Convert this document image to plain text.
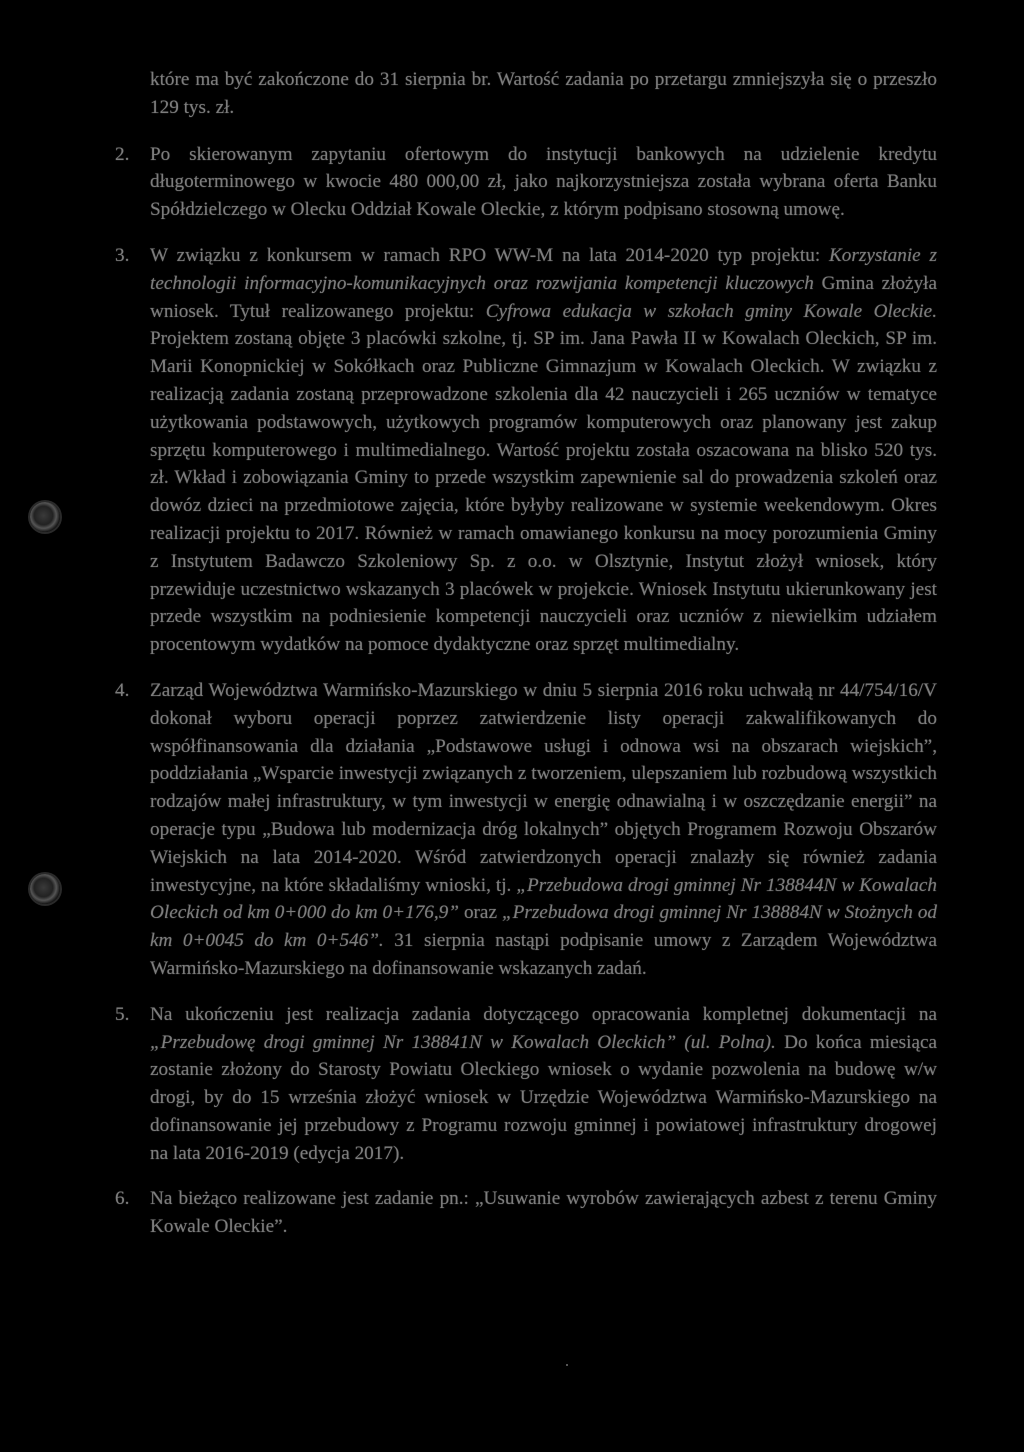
które ma być zakończone do 31 sierpnia br. Wartość zadania po przetargu zmniejszyła się o przeszło 129 tys. zł.

2.	Po skierowanym zapytaniu ofertowym do instytucji bankowych na udzielenie kredytu długoterminowego w kwocie 480 000,00 zł, jako najkorzystniejsza została wybrana oferta Banku Spółdzielczego w Olecku Oddział Kowale Oleckie, z którym podpisano stosowną umowę.
3.	W związku z konkursem w ramach RPO WW-M na lata 2014-2020 typ projektu: Korzystanie z technologii informacyjno-komunikacyjnych oraz rozwijania kompetencji kluczowych Gmina złożyła wniosek. Tytuł realizowanego projektu: Cyfrowa edukacja w szkołach gminy Kowale Oleckie. Projektem zostaną objęte 3 placówki szkolne, tj. SP im. Jana Pawła II w Kowalach Oleckich, SP im. Marii Konopnickiej w Sokółkach oraz Publiczne Gimnazjum w Kowalach Oleckich. W związku z realizacją zadania zostaną przeprowadzone szkolenia dla 42 nauczycieli i 265 uczniów w tematyce użytkowania podstawowych, użytkowych programów komputerowych oraz planowany jest zakup sprzętu komputerowego i multimedialnego. Wartość projektu została oszacowana na blisko 520 tys. zł. Wkład i zobowiązania Gminy to przede wszystkim zapewnienie sal do prowadzenia szkoleń oraz dowóz dzieci na przedmiotowe zajęcia, które byłyby realizowane w systemie weekendowym. Okres realizacji projektu to 2017. Również w ramach omawianego konkursu na mocy porozumienia Gminy z Instytutem Badawczo Szkoleniowy Sp. z o.o. w Olsztynie, Instytut złożył wniosek, który przewiduje uczestnictwo wskazanych 3 placówek w projekcie. Wniosek Instytutu ukierunkowany jest przede wszystkim na podniesienie kompetencji nauczycieli oraz uczniów z niewielkim udziałem procentowym wydatków na pomoce dydaktyczne oraz sprzęt multimedialny.
4.	Zarząd Województwa Warmińsko-Mazurskiego w dniu 5 sierpnia 2016 roku uchwałą nr 44/754/16/V dokonał wyboru operacji poprzez zatwierdzenie listy operacji zakwalifikowanych do współfinansowania dla działania „Podstawowe usługi i odnowa wsi na obszarach wiejskich”, poddziałania „Wsparcie inwestycji związanych z tworzeniem, ulepszaniem lub rozbudową wszystkich rodzajów małej infrastruktury, w tym inwestycji w energię odnawialną i w oszczędzanie energii” na operacje typu „Budowa lub modernizacja dróg lokalnych” objętych Programem Rozwoju Obszarów Wiejskich na lata 2014-2020. Wśród zatwierdzonych operacji znalazły się również zadania inwestycyjne, na które składaliśmy wnioski, tj. „Przebudowa drogi gminnej Nr 138844N w Kowalach Oleckich od km 0+000 do km 0+176,9” oraz „Przebudowa drogi gminnej Nr 138884N w Stożnych od km 0+0045 do km 0+546”. 31 sierpnia nastąpi podpisanie umowy z Zarządem Województwa Warmińsko-Mazurskiego na dofinansowanie wskazanych zadań.
5.	Na ukończeniu jest realizacja zadania dotyczącego opracowania kompletnej dokumentacji na „Przebudowę drogi gminnej Nr 138841N w Kowalach Oleckich” (ul. Polna). Do końca miesiąca zostanie złożony do Starosty Powiatu Oleckiego wniosek o wydanie pozwolenia na budowę w/w drogi, by do 15 września złożyć wniosek w Urzędzie Województwa Warmińsko-Mazurskiego na dofinansowanie jej przebudowy z Programu rozwoju gminnej i powiatowej infrastruktury drogowej na lata 2016-2019 (edycja 2017).
6.	Na bieżąco realizowane jest zadanie pn.: „Usuwanie wyrobów zawierających azbest z terenu Gminy Kowale Oleckie”.
